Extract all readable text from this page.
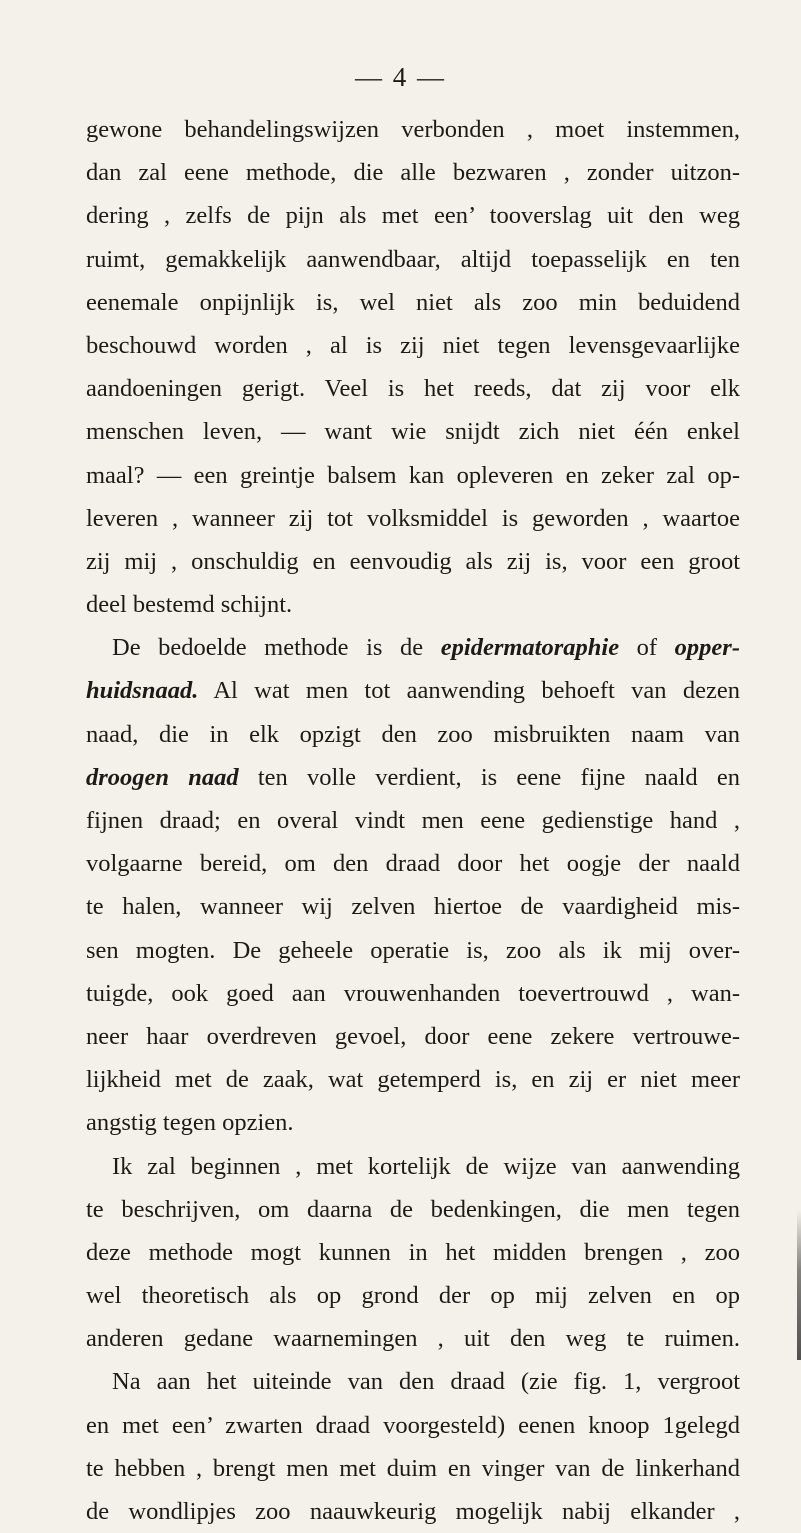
— 4 —
gewone behandelingswijzen verbonden , moet instemmen,
dan zal eene methode, die alle bezwaren , zonder uitzon-
dering , zelfs de pijn als met een’ tooverslag uit den weg
ruimt, gemakkelijk aanwendbaar, altijd toepasselijk en ten
eenemale onpijnlijk is, wel niet als zoo min beduidend
beschouwd worden , al is zij niet tegen levensgevaarlijke
aandoeningen gerigt. Veel is het reeds, dat zij voor elk
menschen leven, — want wie snijdt zich niet één enkel
maal? — een greintje balsem kan opleveren en zeker zal op-
leveren , wanneer zij tot volksmiddel is geworden , waartoe
zij mij , onschuldig en eenvoudig als zij is, voor een groot
deel bestemd schijnt.
De bedoelde methode is de epidermatoraphie of opper-
huidsnaad. Al wat men tot aanwending behoeft van dezen
naad, die in elk opzigt den zoo misbruikten naam van
droogen naad ten volle verdient, is eene fijne naald en
fijnen draad; en overal vindt men eene gedienstige hand ,
volgaarne bereid, om den draad door het oogje der naald
te halen, wanneer wij zelven hiertoe de vaardigheid mis-
sen mogten. De geheele operatie is, zoo als ik mij over-
tuigde, ook goed aan vrouwenhanden toevertrouwd , wan-
neer haar overdreven gevoel, door eene zekere vertrouwe-
lijkheid met de zaak, wat getemperd is, en zij er niet meer
angstig tegen opzien.
Ik zal beginnen , met kortelijk de wijze van aanwending
te beschrijven, om daarna de bedenkingen, die men tegen
deze methode mogt kunnen in het midden brengen , zoo
wel theoretisch als op grond der op mij zelven en op
anderen gedane waarnemingen , uit den weg te ruimen.
Na aan het uiteinde van den draad (zie fig. 1, vergroot
en met een’ zwarten draad voorgesteld) eenen knoop 1gelegd
te hebben , brengt men met duim en vinger van de linkerhand
de wondlipjes zoo naauwkeurig mogelijk nabij elkander ,
